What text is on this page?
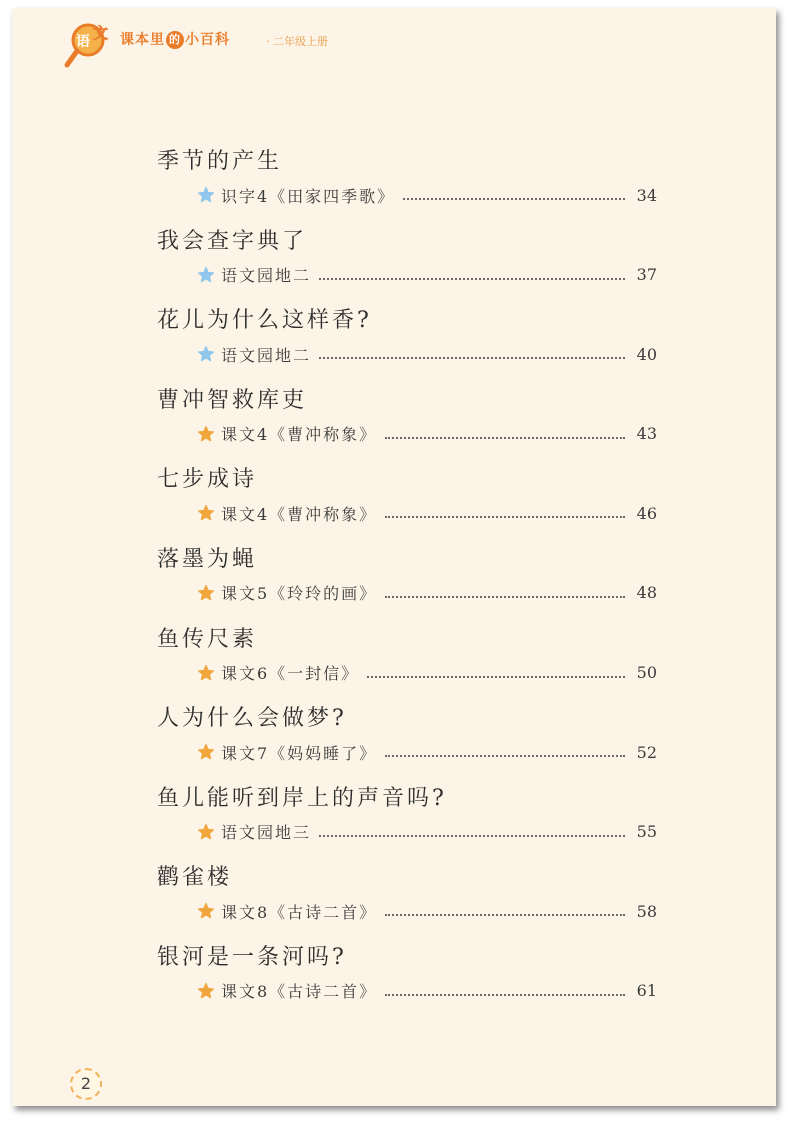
语 文 课本里 的 小百科	· 二年级上册
季节的产生
识字4《田家四季歌》	34
我会查字典了
语文园地二	37
花儿为什么这样香?
语文园地二	40
曹冲智救库吏
课文4《曹冲称象》	43
七步成诗
课文4《曹冲称象》	46
落墨为蝇
课文5《玲玲的画》	48
鱼传尺素
课文6《一封信》	50
人为什么会做梦?
课文7《妈妈睡了》	52
鱼儿能听到岸上的声音吗?
语文园地三	55
鹳雀楼
课文8《古诗二首》	58
银河是一条河吗?
课文8《古诗二首》	61
2
